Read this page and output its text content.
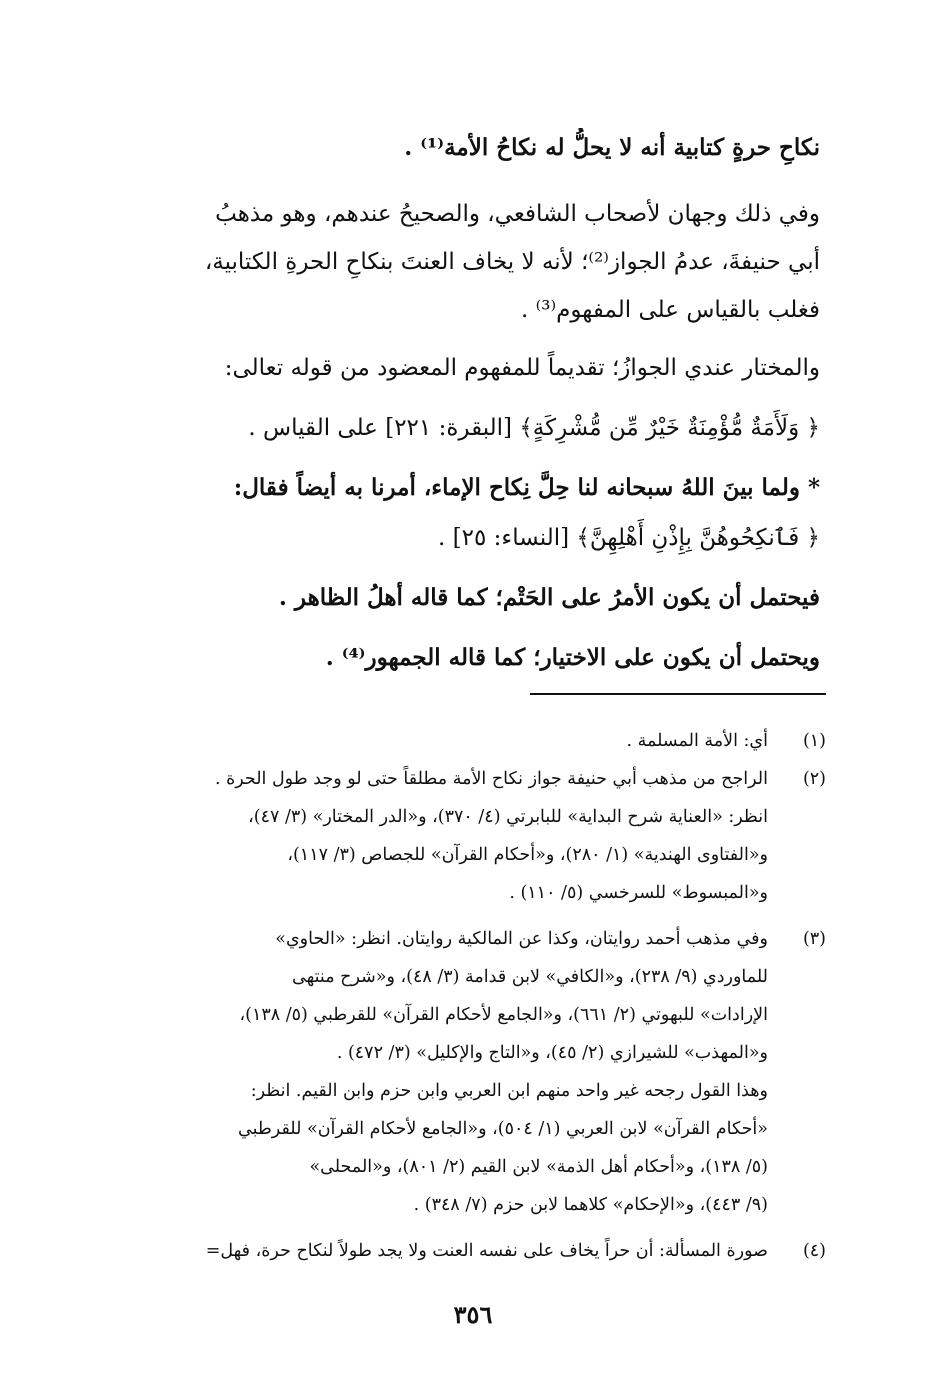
نكاحِ حرةٍ كتابية أنه لا يحلُّ له نكاحُ الأمة⁽¹⁾ .
وفي ذلك وجهان لأصحاب الشافعي، والصحيحُ عندهم، وهو مذهبُ
أبي حنيفةَ، عدمُ الجواز⁽²⁾؛ لأنه لا يخاف العنتَ بنكاحِ الحرةِ الكتابية،
فغلب بالقياس على المفهوم⁽³⁾ .
والمختار عندي الجوازُ؛ تقديماً للمفهوم المعضود من قوله تعالى:
﴿ وَلَأَمَةٌ مُّؤْمِنَةٌ خَيْرٌ مِّن مُّشْرِكَةٍ﴾ [البقرة: ٢٢١] على القياس .
* ولما بينَ اللهُ سبحانه لنا حِلَّ نِكاح الإماء، أمرنا به أيضاً فقال:
﴿ فَٱنكِحُوهُنَّ بِإِذْنِ أَهْلِهِنَّ﴾ [النساء: ٢٥] .
فيحتمل أن يكون الأمرُ على الحَتْم؛ كما قاله أهلُ الظاهر .
ويحتمل أن يكون على الاختيار؛ كما قاله الجمهور⁽⁴⁾ .
(١)
أي: الأمة المسلمة .
(٢)
الراجح من مذهب أبي حنيفة جواز نكاح الأمة مطلقاً حتى لو وجد طول الحرة .
انظر: «العناية شرح البداية» للبابرتي (٤/ ٣٧٠)، و«الدر المختار» (٣/ ٤٧)،
و«الفتاوى الهندية» (١/ ٢٨٠)، و«أحكام القرآن» للجصاص (٣/ ١١٧)،
و«المبسوط» للسرخسي (٥/ ١١٠) .
(٣)
وفي مذهب أحمد روايتان، وكذا عن المالكية روايتان. انظر: «الحاوي»
للماوردي (٩/ ٢٣٨)، و«الكافي» لابن قدامة (٣/ ٤٨)، و«شرح منتهى
الإرادات» للبهوتي (٢/ ٦٦١)، و«الجامع لأحكام القرآن» للقرطبي (٥/ ١٣٨)،
و«المهذب» للشيرازي (٢/ ٤٥)، و«التاج والإكليل» (٣/ ٤٧٢) .
وهذا القول رجحه غير واحد منهم ابن العربي وابن حزم وابن القيم. انظر:
«أحكام القرآن» لابن العربي (١/ ٥٠٤)، و«الجامع لأحكام القرآن» للقرطبي
(٥/ ١٣٨)، و«أحكام أهل الذمة» لابن القيم (٢/ ٨٠١)، و«المحلى»
(٩/ ٤٤٣)، و«الإحكام» كلاهما لابن حزم (٧/ ٣٤٨) .
(٤)
صورة المسألة: أن حراً يخاف على نفسه العنت ولا يجد طولاً لنكاح حرة، فهل=
٣٥٦
